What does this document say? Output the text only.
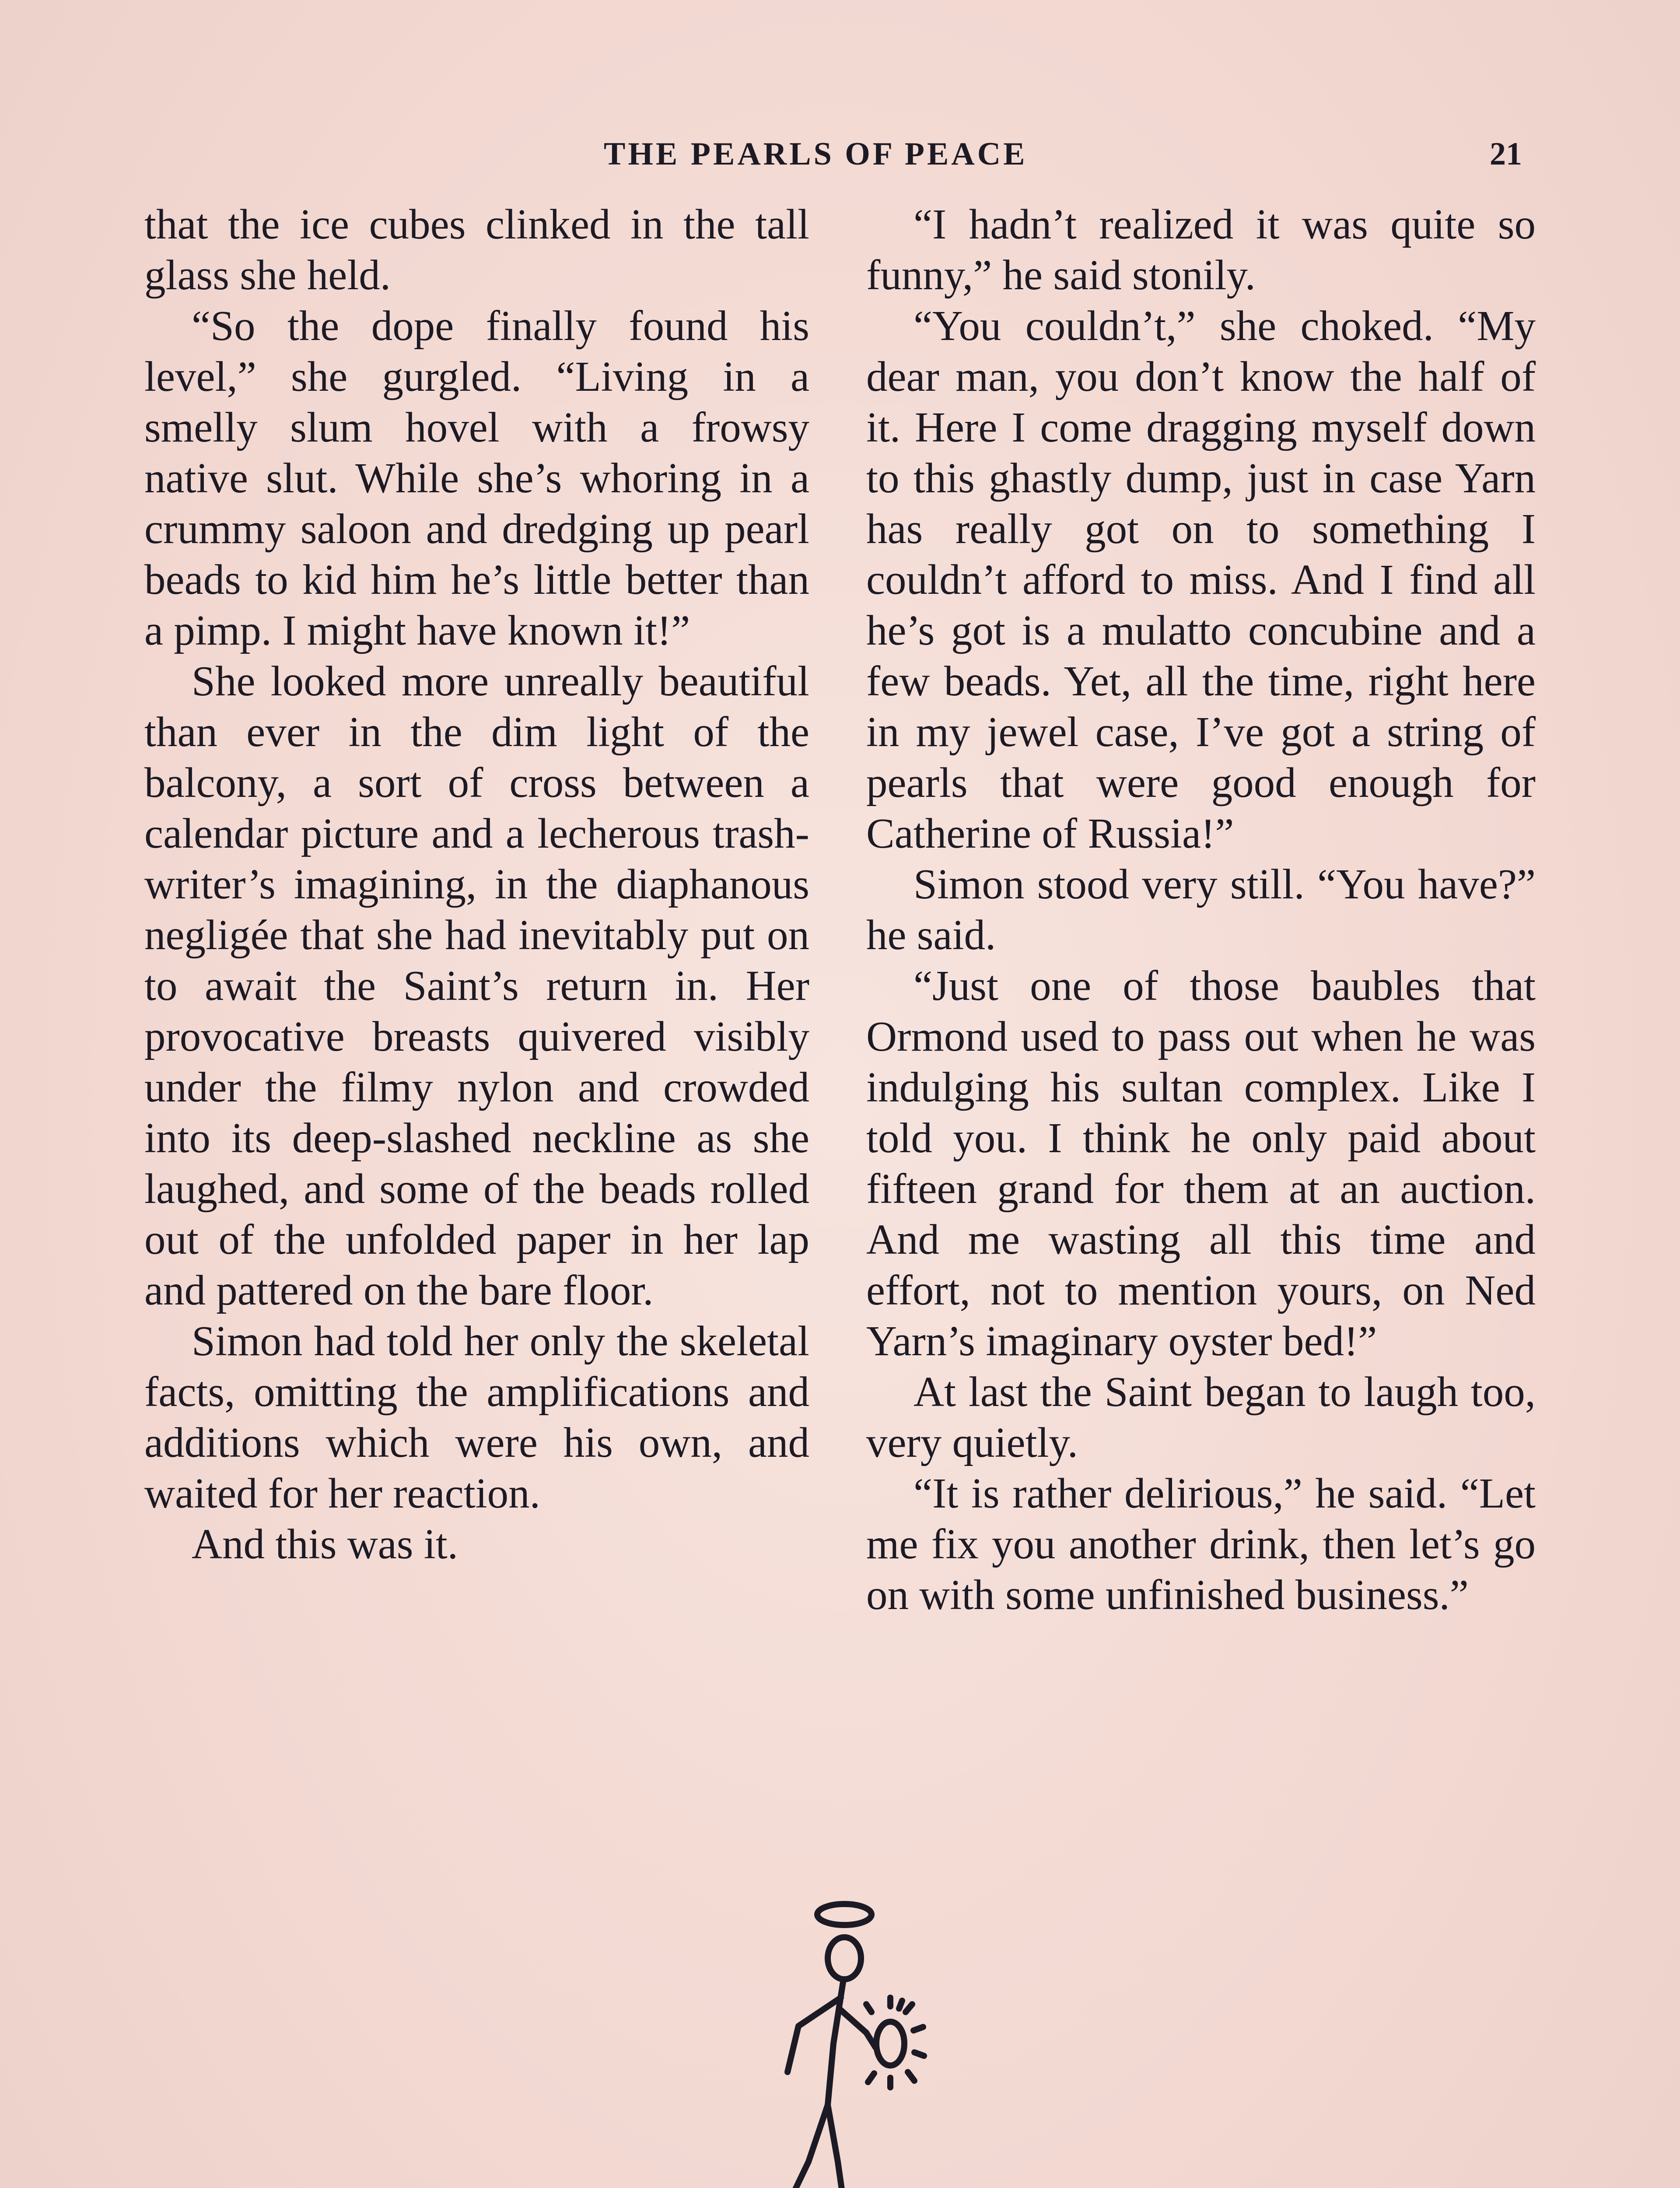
THE PEARLS OF PEACE	21

that the ice cubes clinked in the tall glass she held.

“So the dope finally found his level,” she gurgled. “Living in a smelly slum hovel with a frowsy native slut. While she’s whoring in a crummy saloon and dredging up pearl beads to kid him he’s little better than a pimp. I might have known it!”

She looked more unreally beautiful than ever in the dim light of the balcony, a sort of cross between a calendar picture and a lecherous trash-writer’s imagining, in the diaphanous negligée that she had inevitably put on to await the Saint’s return in. Her provocative breasts quivered visibly under the filmy nylon and crowded into its deep-slashed neckline as she laughed, and some of the beads rolled out of the unfolded paper in her lap and pattered on the bare floor.

Simon had told her only the skeletal facts, omitting the amplifications and additions which were his own, and waited for her reaction.

And this was it.

“I hadn’t realized it was quite so funny,” he said stonily.

“You couldn’t,” she choked. “My dear man, you don’t know the half of it. Here I come dragging myself down to this ghastly dump, just in case Yarn has really got on to something I couldn’t afford to miss. And I find all he’s got is a mulatto concubine and a few beads. Yet, all the time, right here in my jewel case, I’ve got a string of pearls that were good enough for Catherine of Russia!”

Simon stood very still. “You have?” he said.

“Just one of those baubles that Ormond used to pass out when he was indulging his sultan complex. Like I told you. I think he only paid about fifteen grand for them at an auction. And me wasting all this time and effort, not to mention yours, on Ned Yarn’s imaginary oyster bed!”

At last the Saint began to laugh too, very quietly.

“It is rather delirious,” he said. “Let me fix you another drink, then let’s go on with some unfinished business.”
